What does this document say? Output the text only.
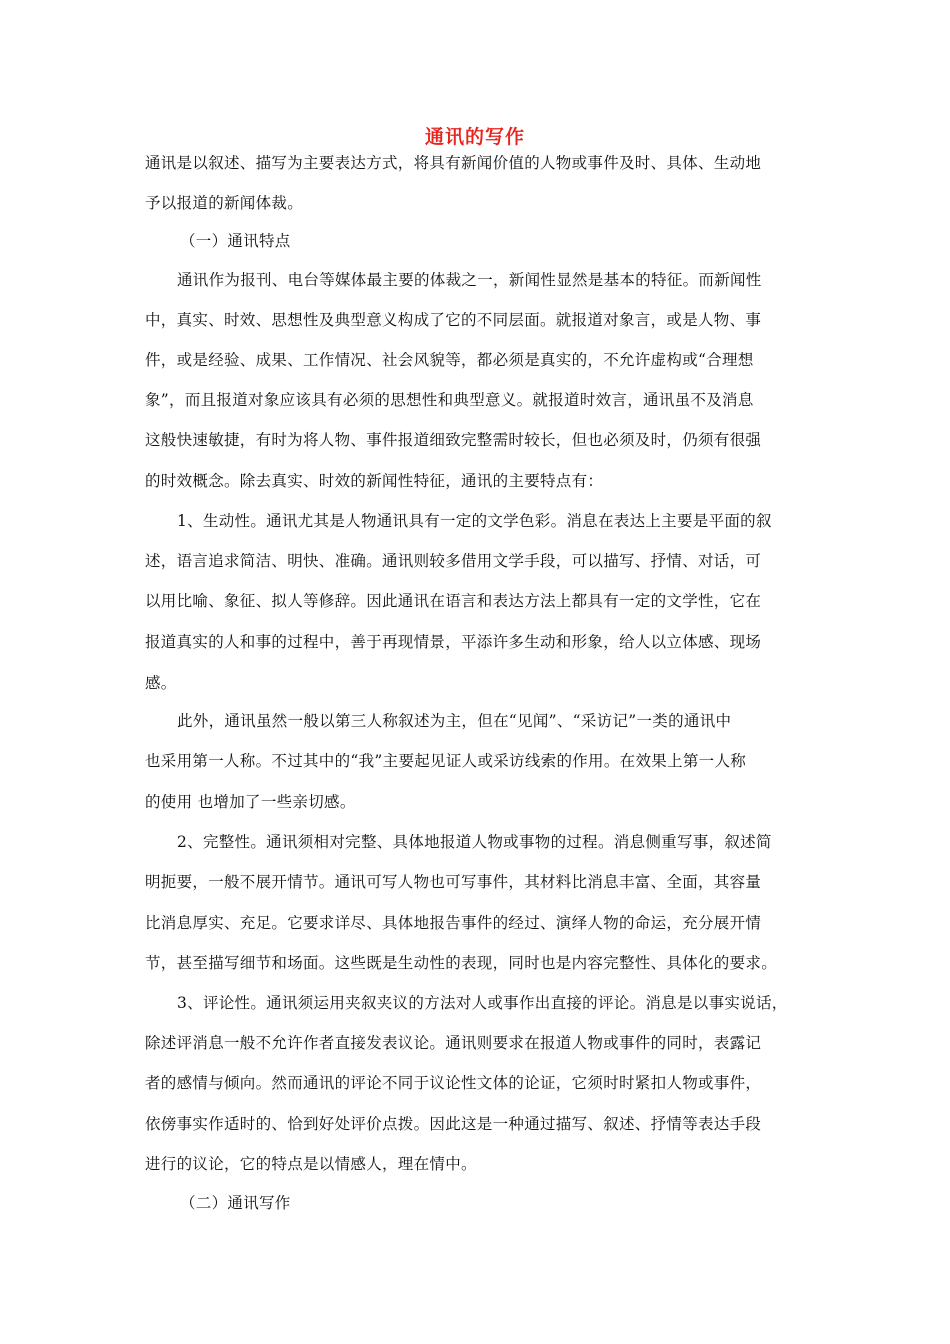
通讯的写作
通讯是以叙述、描写为主要表达方式，将具有新闻价值的人物或事件及时、具体、生动地
予以报道的新闻体裁。
（一）通讯特点
通讯作为报刊、电台等媒体最主要的体裁之一，新闻性显然是基本的特征。而新闻性
中，真实、时效、思想性及典型意义构成了它的不同层面。就报道对象言，或是人物、事
件，或是经验、成果、工作情况、社会风貌等，都必须是真实的，不允许虚构或“合理想
象”，而且报道对象应该具有必须的思想性和典型意义。就报道时效言，通讯虽不及消息
这般快速敏捷，有时为将人物、事件报道细致完整需时较长，但也必须及时，仍须有很强
的时效概念。除去真实、时效的新闻性特征，通讯的主要特点有：
1、生动性。通讯尤其是人物通讯具有一定的文学色彩。消息在表达上主要是平面的叙
述，语言追求简洁、明快、准确。通讯则较多借用文学手段，可以描写、抒情、对话，可
以用比喻、象征、拟人等修辞。因此通讯在语言和表达方法上都具有一定的文学性，它在
报道真实的人和事的过程中，善于再现情景，平添许多生动和形象，给人以立体感、现场
感。
此外，通讯虽然一般以第三人称叙述为主，但在“见闻”、“采访记”一类的通讯中
也采用第一人称。不过其中的“我”主要起见证人或采访线索的作用。在效果上第一人称
的使用 也增加了一些亲切感。
2、完整性。通讯须相对完整、具体地报道人物或事物的过程。消息侧重写事，叙述简
明扼要，一般不展开情节。通讯可写人物也可写事件，其材料比消息丰富、全面，其容量
比消息厚实、充足。它要求详尽、具体地报告事件的经过、演绎人物的命运，充分展开情
节，甚至描写细节和场面。这些既是生动性的表现，同时也是内容完整性、具体化的要求。
3、评论性。通讯须运用夹叙夹议的方法对人或事作出直接的评论。消息是以事实说话，
除述评消息一般不允许作者直接发表议论。通讯则要求在报道人物或事件的同时，表露记
者的感情与倾向。然而通讯的评论不同于议论性文体的论证，它须时时紧扣人物或事件，
依傍事实作适时的、恰到好处评价点拨。因此这是一种通过描写、叙述、抒情等表达手段
进行的议论，它的特点是以情感人，理在情中。
（二）通讯写作
